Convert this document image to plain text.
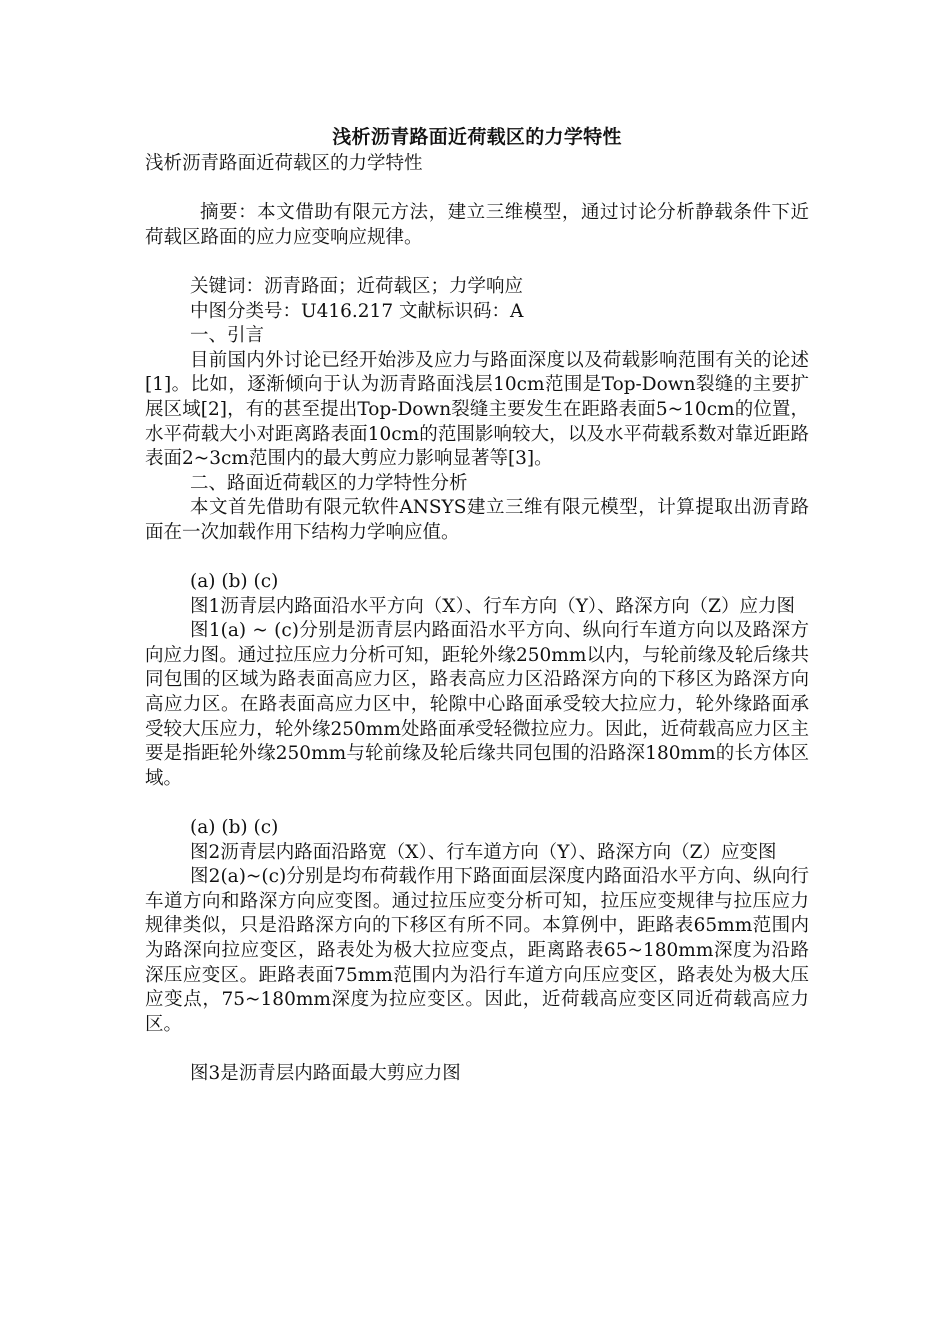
浅析沥青路面近荷载区的力学特性

浅析沥青路面近荷载区的力学特性

摘要：本文借助有限元方法，建立三维模型，通过讨论分析静载条件下近荷载区路面的应力应变响应规律。

关键词：沥青路面；近荷载区；力学响应

中图分类号：U416.217 文献标识码：A

一、引言

目前国内外讨论已经开始涉及应力与路面深度以及荷载影响范围有关的论述[1]。比如，逐渐倾向于认为沥青路面浅层10cm范围是Top-Down裂缝的主要扩展区域[2]，有的甚至提出Top-Down裂缝主要发生在距路表面5~10cm的位置，水平荷载大小对距离路表面10cm的范围影响较大，以及水平荷载系数对靠近距路表面2~3cm范围内的最大剪应力影响显著等[3]。

二、路面近荷载区的力学特性分析

本文首先借助有限元软件ANSYS建立三维有限元模型，计算提取出沥青路面在一次加载作用下结构力学响应值。

(a) (b) (c)

图1沥青层内路面沿水平方向（X）、行车方向（Y）、路深方向（Z）应力图

图1(a) ~ (c)分别是沥青层内路面沿水平方向、纵向行车道方向以及路深方向应力图。通过拉压应力分析可知，距轮外缘250mm以内，与轮前缘及轮后缘共同包围的区域为路表面高应力区，路表高应力区沿路深方向的下移区为路深方向高应力区。在路表面高应力区中，轮隙中心路面承受较大拉应力，轮外缘路面承受较大压应力，轮外缘250mm处路面承受轻微拉应力。因此，近荷载高应力区主要是指距轮外缘250mm与轮前缘及轮后缘共同包围的沿路深180mm的长方体区域。

(a) (b) (c)

图2沥青层内路面沿路宽（X）、行车道方向（Y）、路深方向（Z）应变图

图2(a)~(c)分别是均布荷载作用下路面面层深度内路面沿水平方向、纵向行车道方向和路深方向应变图。通过拉压应变分析可知，拉压应变规律与拉压应力规律类似，只是沿路深方向的下移区有所不同。本算例中，距路表65mm范围内为路深向拉应变区，路表处为极大拉应变点，距离路表65~180mm深度为沿路深压应变区。距路表面75mm范围内为沿行车道方向压应变区，路表处为极大压应变点，75~180mm深度为拉应变区。因此，近荷载高应变区同近荷载高应力区。

图3是沥青层内路面最大剪应力图
